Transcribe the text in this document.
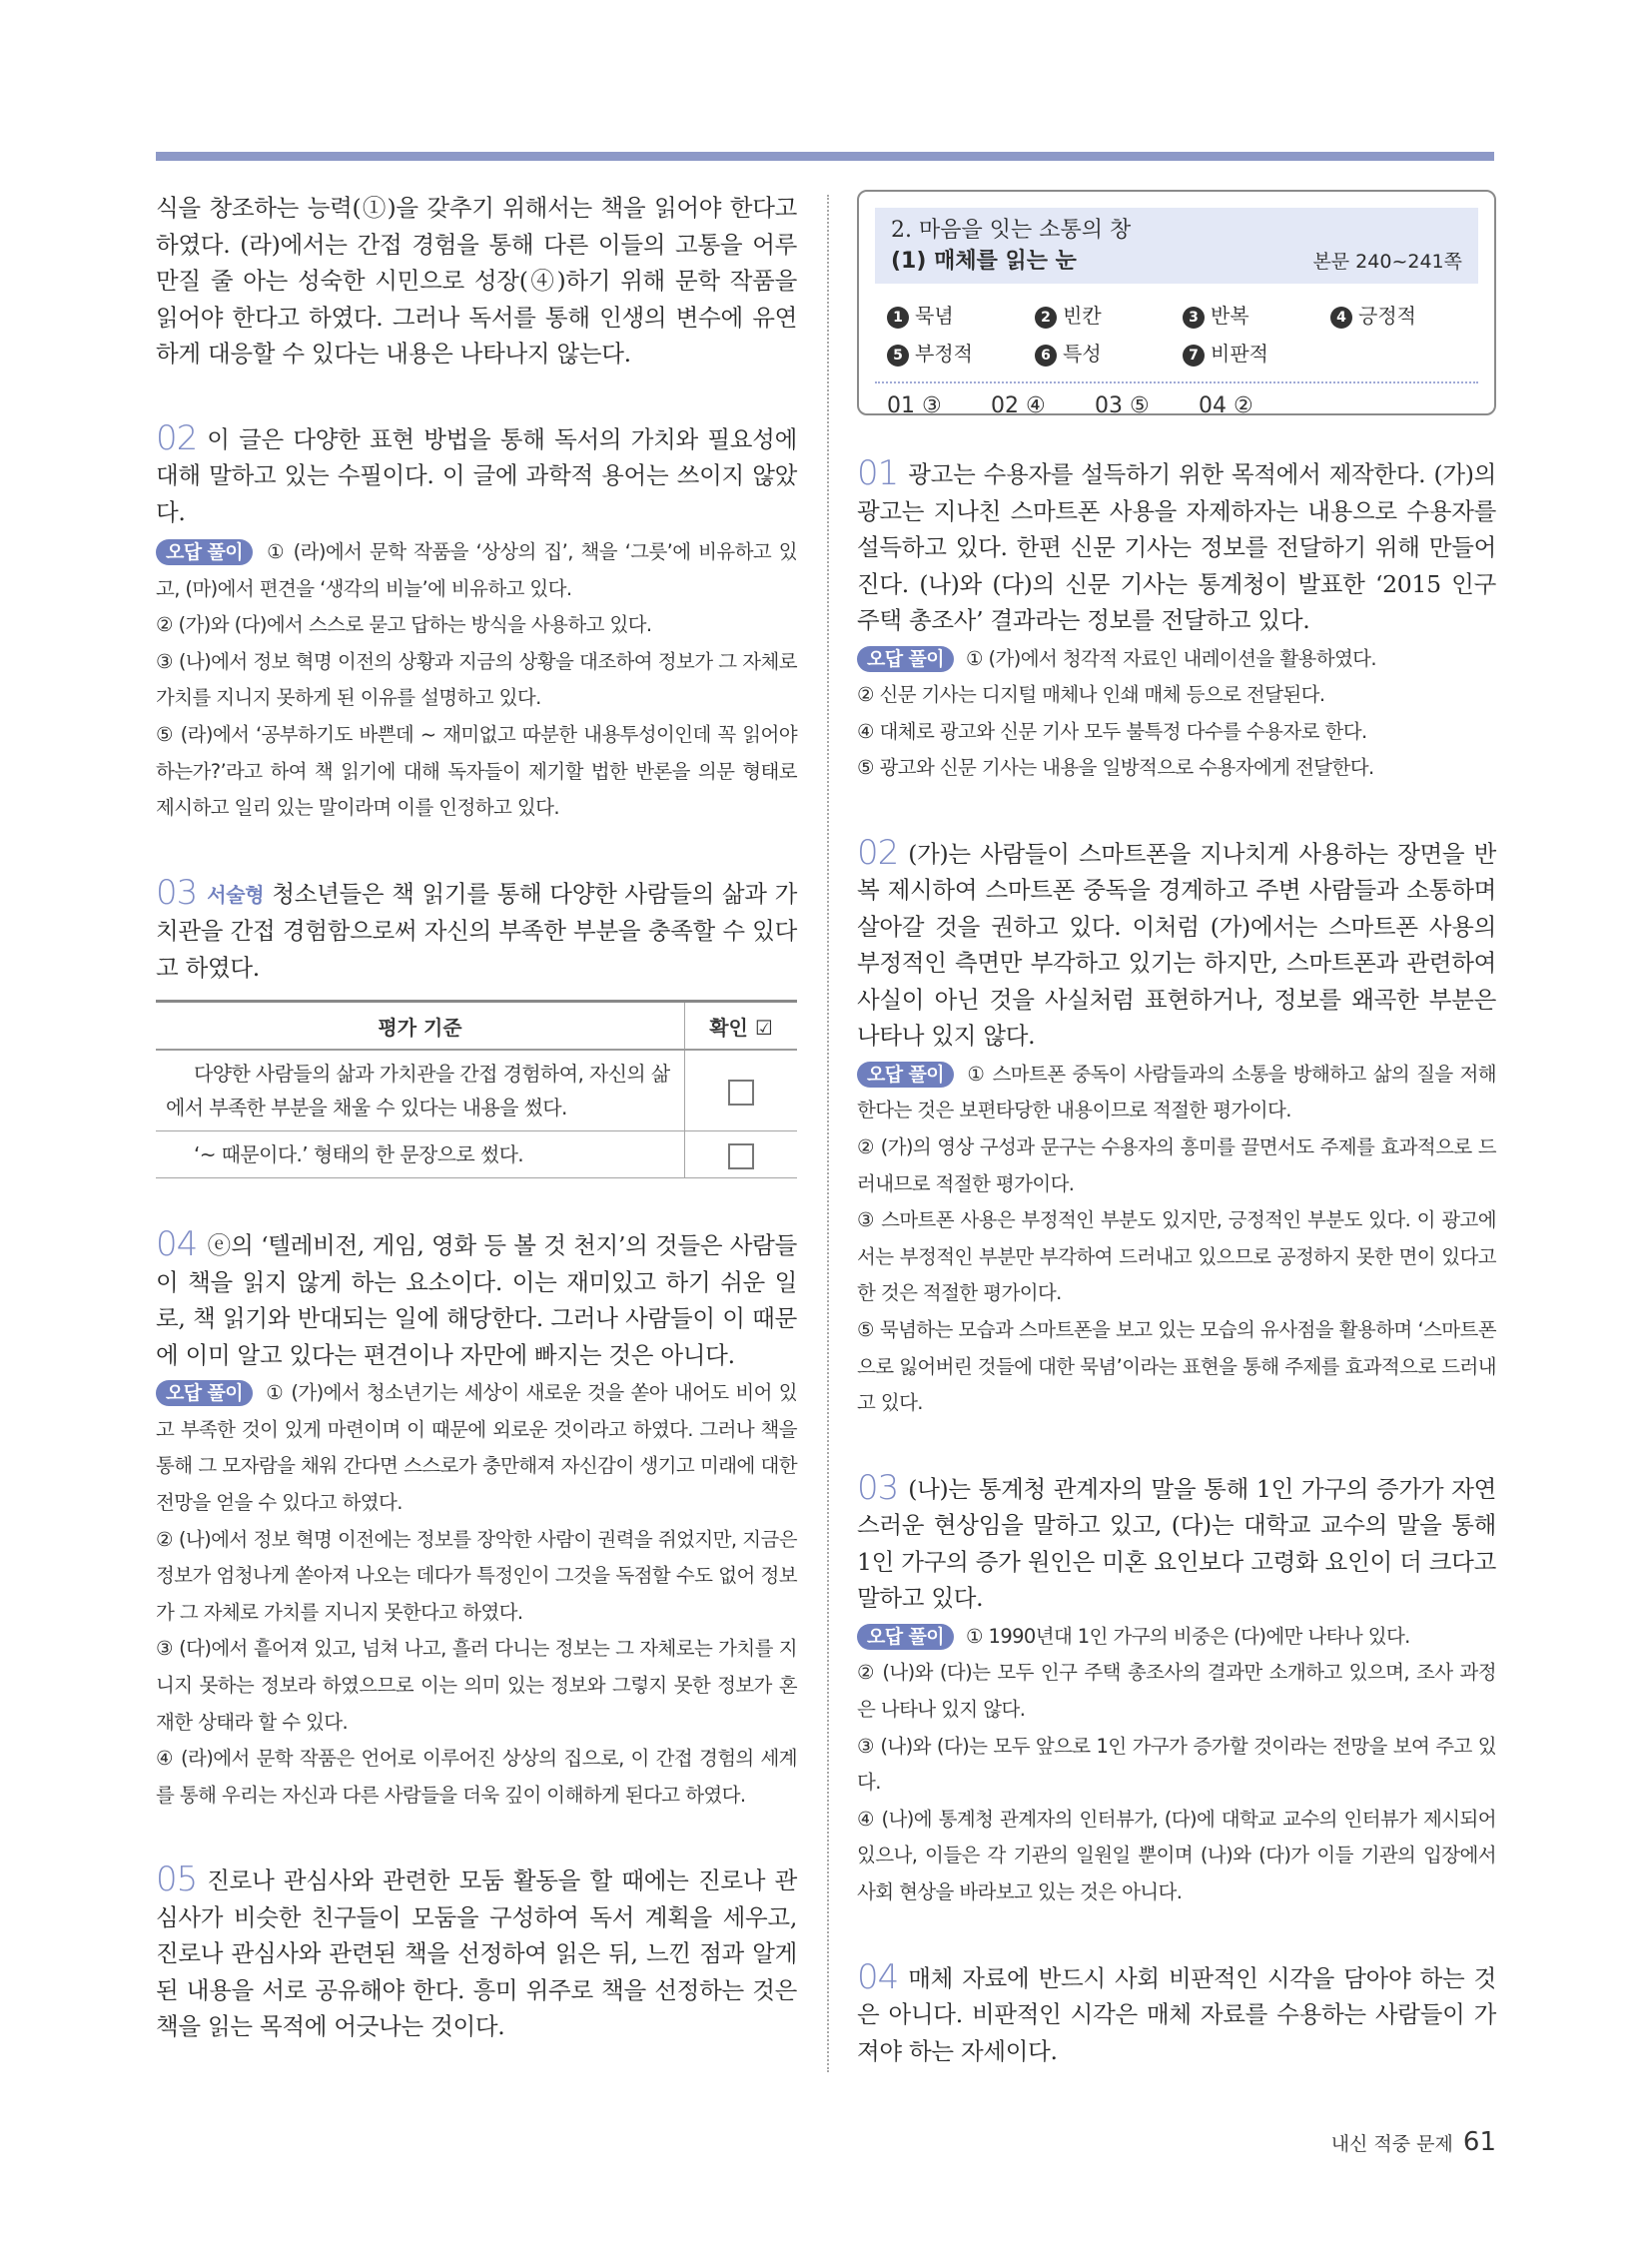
식을 창조하는 능력(①)을 갖추기 위해서는 책을 읽어야 한다고 하였다. (라)에서는 간접 경험을 통해 다른 이들의 고통을 어루만질 줄 아는 성숙한 시민으로 성장(④)하기 위해 문학 작품을 읽어야 한다고 하였다. 그러나 독서를 통해 인생의 변수에 유연하게 대응할 수 있다는 내용은 나타나지 않는다.

02 이 글은 다양한 표현 방법을 통해 독서의 가치와 필요성에 대해 말하고 있는 수필이다. 이 글에 과학적 용어는 쓰이지 않았다.

오답 풀이 ① (라)에서 문학 작품을 ‘상상의 집’, 책을 ‘그릇’에 비유하고 있고, (마)에서 편견을 ‘생각의 비늘’에 비유하고 있다.

② (가)와 (다)에서 스스로 묻고 답하는 방식을 사용하고 있다.

③ (나)에서 정보 혁명 이전의 상황과 지금의 상황을 대조하여 정보가 그 자체로 가치를 지니지 못하게 된 이유를 설명하고 있다.

⑤ (라)에서 ‘공부하기도 바쁜데 ~ 재미없고 따분한 내용투성이인데 꼭 읽어야 하는가?’라고 하여 책 읽기에 대해 독자들이 제기할 법한 반론을 의문 형태로 제시하고 일리 있는 말이라며 이를 인정하고 있다.

03 서술형 청소년들은 책 읽기를 통해 다양한 사람들의 삶과 가치관을 간접 경험함으로써 자신의 부족한 부분을 충족할 수 있다고 하였다.

평가 기준	확인 ☑
다양한 사람들의 삶과 가치관을 간접 경험하여, 자신의 삶에서 부족한 부분을 채울 수 있다는 내용을 썼다.	
‘~ 때문이다.’ 형태의 한 문장으로 썼다.	

04 ⓔ의 ‘텔레비전, 게임, 영화 등 볼 것 천지’의 것들은 사람들이 책을 읽지 않게 하는 요소이다. 이는 재미있고 하기 쉬운 일로, 책 읽기와 반대되는 일에 해당한다. 그러나 사람들이 이 때문에 이미 알고 있다는 편견이나 자만에 빠지는 것은 아니다.

오답 풀이 ① (가)에서 청소년기는 세상이 새로운 것을 쏟아 내어도 비어 있고 부족한 것이 있게 마련이며 이 때문에 외로운 것이라고 하였다. 그러나 책을 통해 그 모자람을 채워 간다면 스스로가 충만해져 자신감이 생기고 미래에 대한 전망을 얻을 수 있다고 하였다.

② (나)에서 정보 혁명 이전에는 정보를 장악한 사람이 권력을 쥐었지만, 지금은 정보가 엄청나게 쏟아져 나오는 데다가 특정인이 그것을 독점할 수도 없어 정보가 그 자체로 가치를 지니지 못한다고 하였다.

③ (다)에서 흩어져 있고, 넘쳐 나고, 흘러 다니는 정보는 그 자체로는 가치를 지니지 못하는 정보라 하였으므로 이는 의미 있는 정보와 그렇지 못한 정보가 혼재한 상태라 할 수 있다.

④ (라)에서 문학 작품은 언어로 이루어진 상상의 집으로, 이 간접 경험의 세계를 통해 우리는 자신과 다른 사람들을 더욱 깊이 이해하게 된다고 하였다.

05 진로나 관심사와 관련한 모둠 활동을 할 때에는 진로나 관심사가 비슷한 친구들이 모둠을 구성하여 독서 계획을 세우고, 진로나 관심사와 관련된 책을 선정하여 읽은 뒤, 느낀 점과 알게 된 내용을 서로 공유해야 한다. 흥미 위주로 책을 선정하는 것은 책을 읽는 목적에 어긋나는 것이다.

2. 마음을 잇는 소통의 창
(1) 매체를 읽는 눈	본문 240~241쪽
1 묵념	2 빈칸	3 반복	4 긍정적
5 부정적	6 특성	7 비판적
01 ③ 02 ④ 03 ⑤ 04 ②

01 광고는 수용자를 설득하기 위한 목적에서 제작한다. (가)의 광고는 지나친 스마트폰 사용을 자제하자는 내용으로 수용자를 설득하고 있다. 한편 신문 기사는 정보를 전달하기 위해 만들어진다. (나)와 (다)의 신문 기사는 통계청이 발표한 ‘2015 인구 주택 총조사’ 결과라는 정보를 전달하고 있다.

오답 풀이 ① (가)에서 청각적 자료인 내레이션을 활용하였다.

② 신문 기사는 디지털 매체나 인쇄 매체 등으로 전달된다.

④ 대체로 광고와 신문 기사 모두 불특정 다수를 수용자로 한다.

⑤ 광고와 신문 기사는 내용을 일방적으로 수용자에게 전달한다.

02 (가)는 사람들이 스마트폰을 지나치게 사용하는 장면을 반복 제시하여 스마트폰 중독을 경계하고 주변 사람들과 소통하며 살아갈 것을 권하고 있다. 이처럼 (가)에서는 스마트폰 사용의 부정적인 측면만 부각하고 있기는 하지만, 스마트폰과 관련하여 사실이 아닌 것을 사실처럼 표현하거나, 정보를 왜곡한 부분은 나타나 있지 않다.

오답 풀이 ① 스마트폰 중독이 사람들과의 소통을 방해하고 삶의 질을 저해한다는 것은 보편타당한 내용이므로 적절한 평가이다.

② (가)의 영상 구성과 문구는 수용자의 흥미를 끌면서도 주제를 효과적으로 드러내므로 적절한 평가이다.

③ 스마트폰 사용은 부정적인 부분도 있지만, 긍정적인 부분도 있다. 이 광고에서는 부정적인 부분만 부각하여 드러내고 있으므로 공정하지 못한 면이 있다고 한 것은 적절한 평가이다.

⑤ 묵념하는 모습과 스마트폰을 보고 있는 모습의 유사점을 활용하며 ‘스마트폰으로 잃어버린 것들에 대한 묵념’이라는 표현을 통해 주제를 효과적으로 드러내고 있다.

03 (나)는 통계청 관계자의 말을 통해 1인 가구의 증가가 자연스러운 현상임을 말하고 있고, (다)는 대학교 교수의 말을 통해 1인 가구의 증가 원인은 미혼 요인보다 고령화 요인이 더 크다고 말하고 있다.

오답 풀이 ① 1990년대 1인 가구의 비중은 (다)에만 나타나 있다.

② (나)와 (다)는 모두 인구 주택 총조사의 결과만 소개하고 있으며, 조사 과정은 나타나 있지 않다.

③ (나)와 (다)는 모두 앞으로 1인 가구가 증가할 것이라는 전망을 보여 주고 있다.

④ (나)에 통계청 관계자의 인터뷰가, (다)에 대학교 교수의 인터뷰가 제시되어 있으나, 이들은 각 기관의 일원일 뿐이며 (나)와 (다)가 이들 기관의 입장에서 사회 현상을 바라보고 있는 것은 아니다.

04 매체 자료에 반드시 사회 비판적인 시각을 담아야 하는 것은 아니다. 비판적인 시각은 매체 자료를 수용하는 사람들이 가져야 하는 자세이다.

내신 적중 문제 61
